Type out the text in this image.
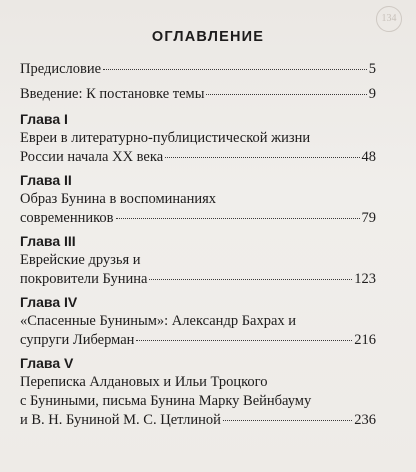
134
ОГЛАВЛЕНИЕ
Предисловие	5
Введение: К постановке темы	9
Глава I
Евреи в литературно-публицистической жизни
России начала XX века	48
Глава II
Образ Бунина в воспоминаниях
современников	79
Глава III
Еврейские друзья и
покровители Бунина	123
Глава IV
«Спасенные Буниным»: Александр Бахрах и
супруги Либерман	216
Глава V
Переписка Алдановых и Ильи Троцкого
с Буниными, письма Бунина Марку Вейнбауму
и В. Н. Буниной М. С. Цетлиной	236
